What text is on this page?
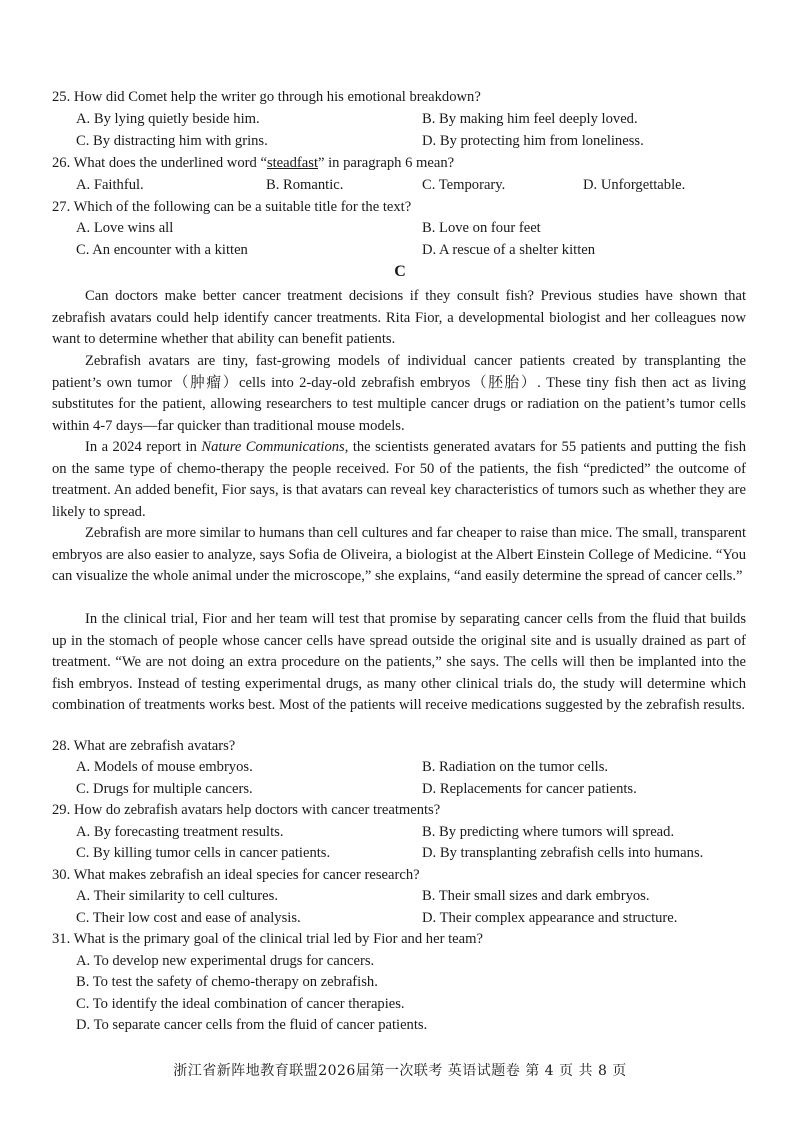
25. How did Comet help the writer go through his emotional breakdown?
A. By lying quietly beside him.	B. By making him feel deeply loved.
C. By distracting him with grins.	D. By protecting him from loneliness.
26. What does the underlined word “steadfast” in paragraph 6 mean?
A. Faithful.	B. Romantic.	C. Temporary.	D. Unforgettable.
27. Which of the following can be a suitable title for the text?
A. Love wins all	B. Love on four feet
C. An encounter with a kitten	D. A rescue of a shelter kitten
C

Can doctors make better cancer treatment decisions if they consult fish? Previous studies have shown that zebrafish avatars could help identify cancer treatments. Rita Fior, a developmental biologist and her colleagues now want to determine whether that ability can benefit patients.

Zebrafish avatars are tiny, fast-growing models of individual cancer patients created by transplanting the patient’s own tumor（肿瘤）cells into 2-day-old zebrafish embryos（胚胎）. These tiny fish then act as living substitutes for the patient, allowing researchers to test multiple cancer drugs or radiation on the patient’s tumor cells within 4-7 days—far quicker than traditional mouse models.

In a 2024 report in Nature Communications, the scientists generated avatars for 55 patients and putting the fish on the same type of chemo-therapy the people received. For 50 of the patients, the fish “predicted” the outcome of treatment. An added benefit, Fior says, is that avatars can reveal key characteristics of tumors such as whether they are likely to spread.

Zebrafish are more similar to humans than cell cultures and far cheaper to raise than mice. The small, transparent embryos are also easier to analyze, says Sofia de Oliveira, a biologist at the Albert Einstein College of Medicine. “You can visualize the whole animal under the microscope,” she explains, “and easily determine the spread of cancer cells.”

In the clinical trial, Fior and her team will test that promise by separating cancer cells from the fluid that builds up in the stomach of people whose cancer cells have spread outside the original site and is usually drained as part of treatment. “We are not doing an extra procedure on the patients,” she says. The cells will then be implanted into the fish embryos. Instead of testing experimental drugs, as many other clinical trials do, the study will determine which combination of treatments works best. Most of the patients will receive medications suggested by the zebrafish results.

28. What are zebrafish avatars?
A. Models of mouse embryos.	B. Radiation on the tumor cells.
C. Drugs for multiple cancers.	D. Replacements for cancer patients.
29. How do zebrafish avatars help doctors with cancer treatments?
A. By forecasting treatment results.	B. By predicting where tumors will spread.
C. By killing tumor cells in cancer patients.	D. By transplanting zebrafish cells into humans.
30. What makes zebrafish an ideal species for cancer research?
A. Their similarity to cell cultures.	B. Their small sizes and dark embryos.
C. Their low cost and ease of analysis.	D. Their complex appearance and structure.
31. What is the primary goal of the clinical trial led by Fior and her team?
A. To develop new experimental drugs for cancers.
B. To test the safety of chemo-therapy on zebrafish.
C. To identify the ideal combination of cancer therapies.
D. To separate cancer cells from the fluid of cancer patients.
浙江省新阵地教育联盟2026届第一次联考 英语试题卷 第 4 页 共 8 页
